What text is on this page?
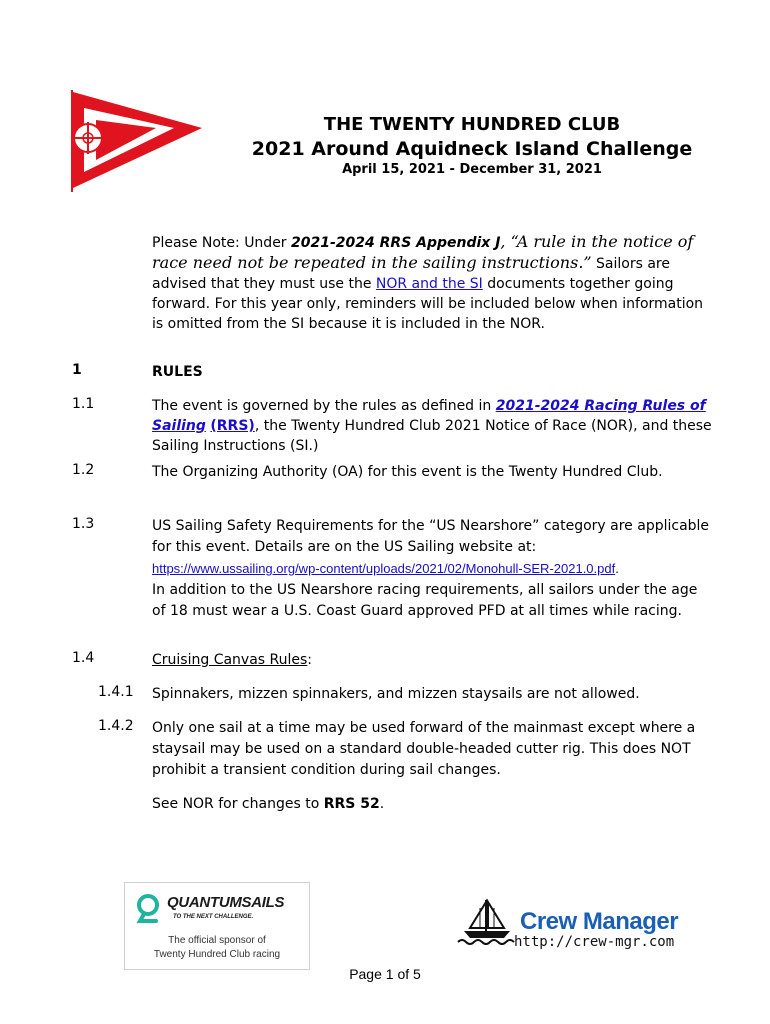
THE TWENTY HUNDRED CLUB
2021 Around Aquidneck Island Challenge
April 15, 2021 - December 31, 2021
Please Note: Under 2021-2024 RRS Appendix J, “A rule in the notice of race need not be repeated in the sailing instructions.” Sailors are advised that they must use the NOR and the SI documents together going forward. For this year only, reminders will be included below when information is omitted from the SI because it is included in the NOR.
1	RULES
1.1	The event is governed by the rules as defined in 2021-2024 Racing Rules of Sailing (RRS), the Twenty Hundred Club 2021 Notice of Race (NOR), and these Sailing Instructions (SI.)
1.2	The Organizing Authority (OA) for this event is the Twenty Hundred Club.
1.3	US Sailing Safety Requirements for the “US Nearshore” category are applicable for this event. Details are on the US Sailing website at:
https://www.ussailing.org/wp-content/uploads/2021/02/Monohull-SER-2021.0.pdf.
In addition to the US Nearshore racing requirements, all sailors under the age of 18 must wear a U.S. Coast Guard approved PFD at all times while racing.
1.4	Cruising Canvas Rules:
1.4.1 Spinnakers, mizzen spinnakers, and mizzen staysails are not allowed.
1.4.2 Only one sail at a time may be used forward of the mainmast except where a staysail may be used on a standard double-headed cutter rig. This does NOT prohibit a transient condition during sail changes.
See NOR for changes to RRS 52.
QUANTUMSAILS
TO THE NEXT CHALLENGE.
The official sponsor of
Twenty Hundred Club racing
Crew Manager
http://crew-mgr.com
Page 1 of 5
